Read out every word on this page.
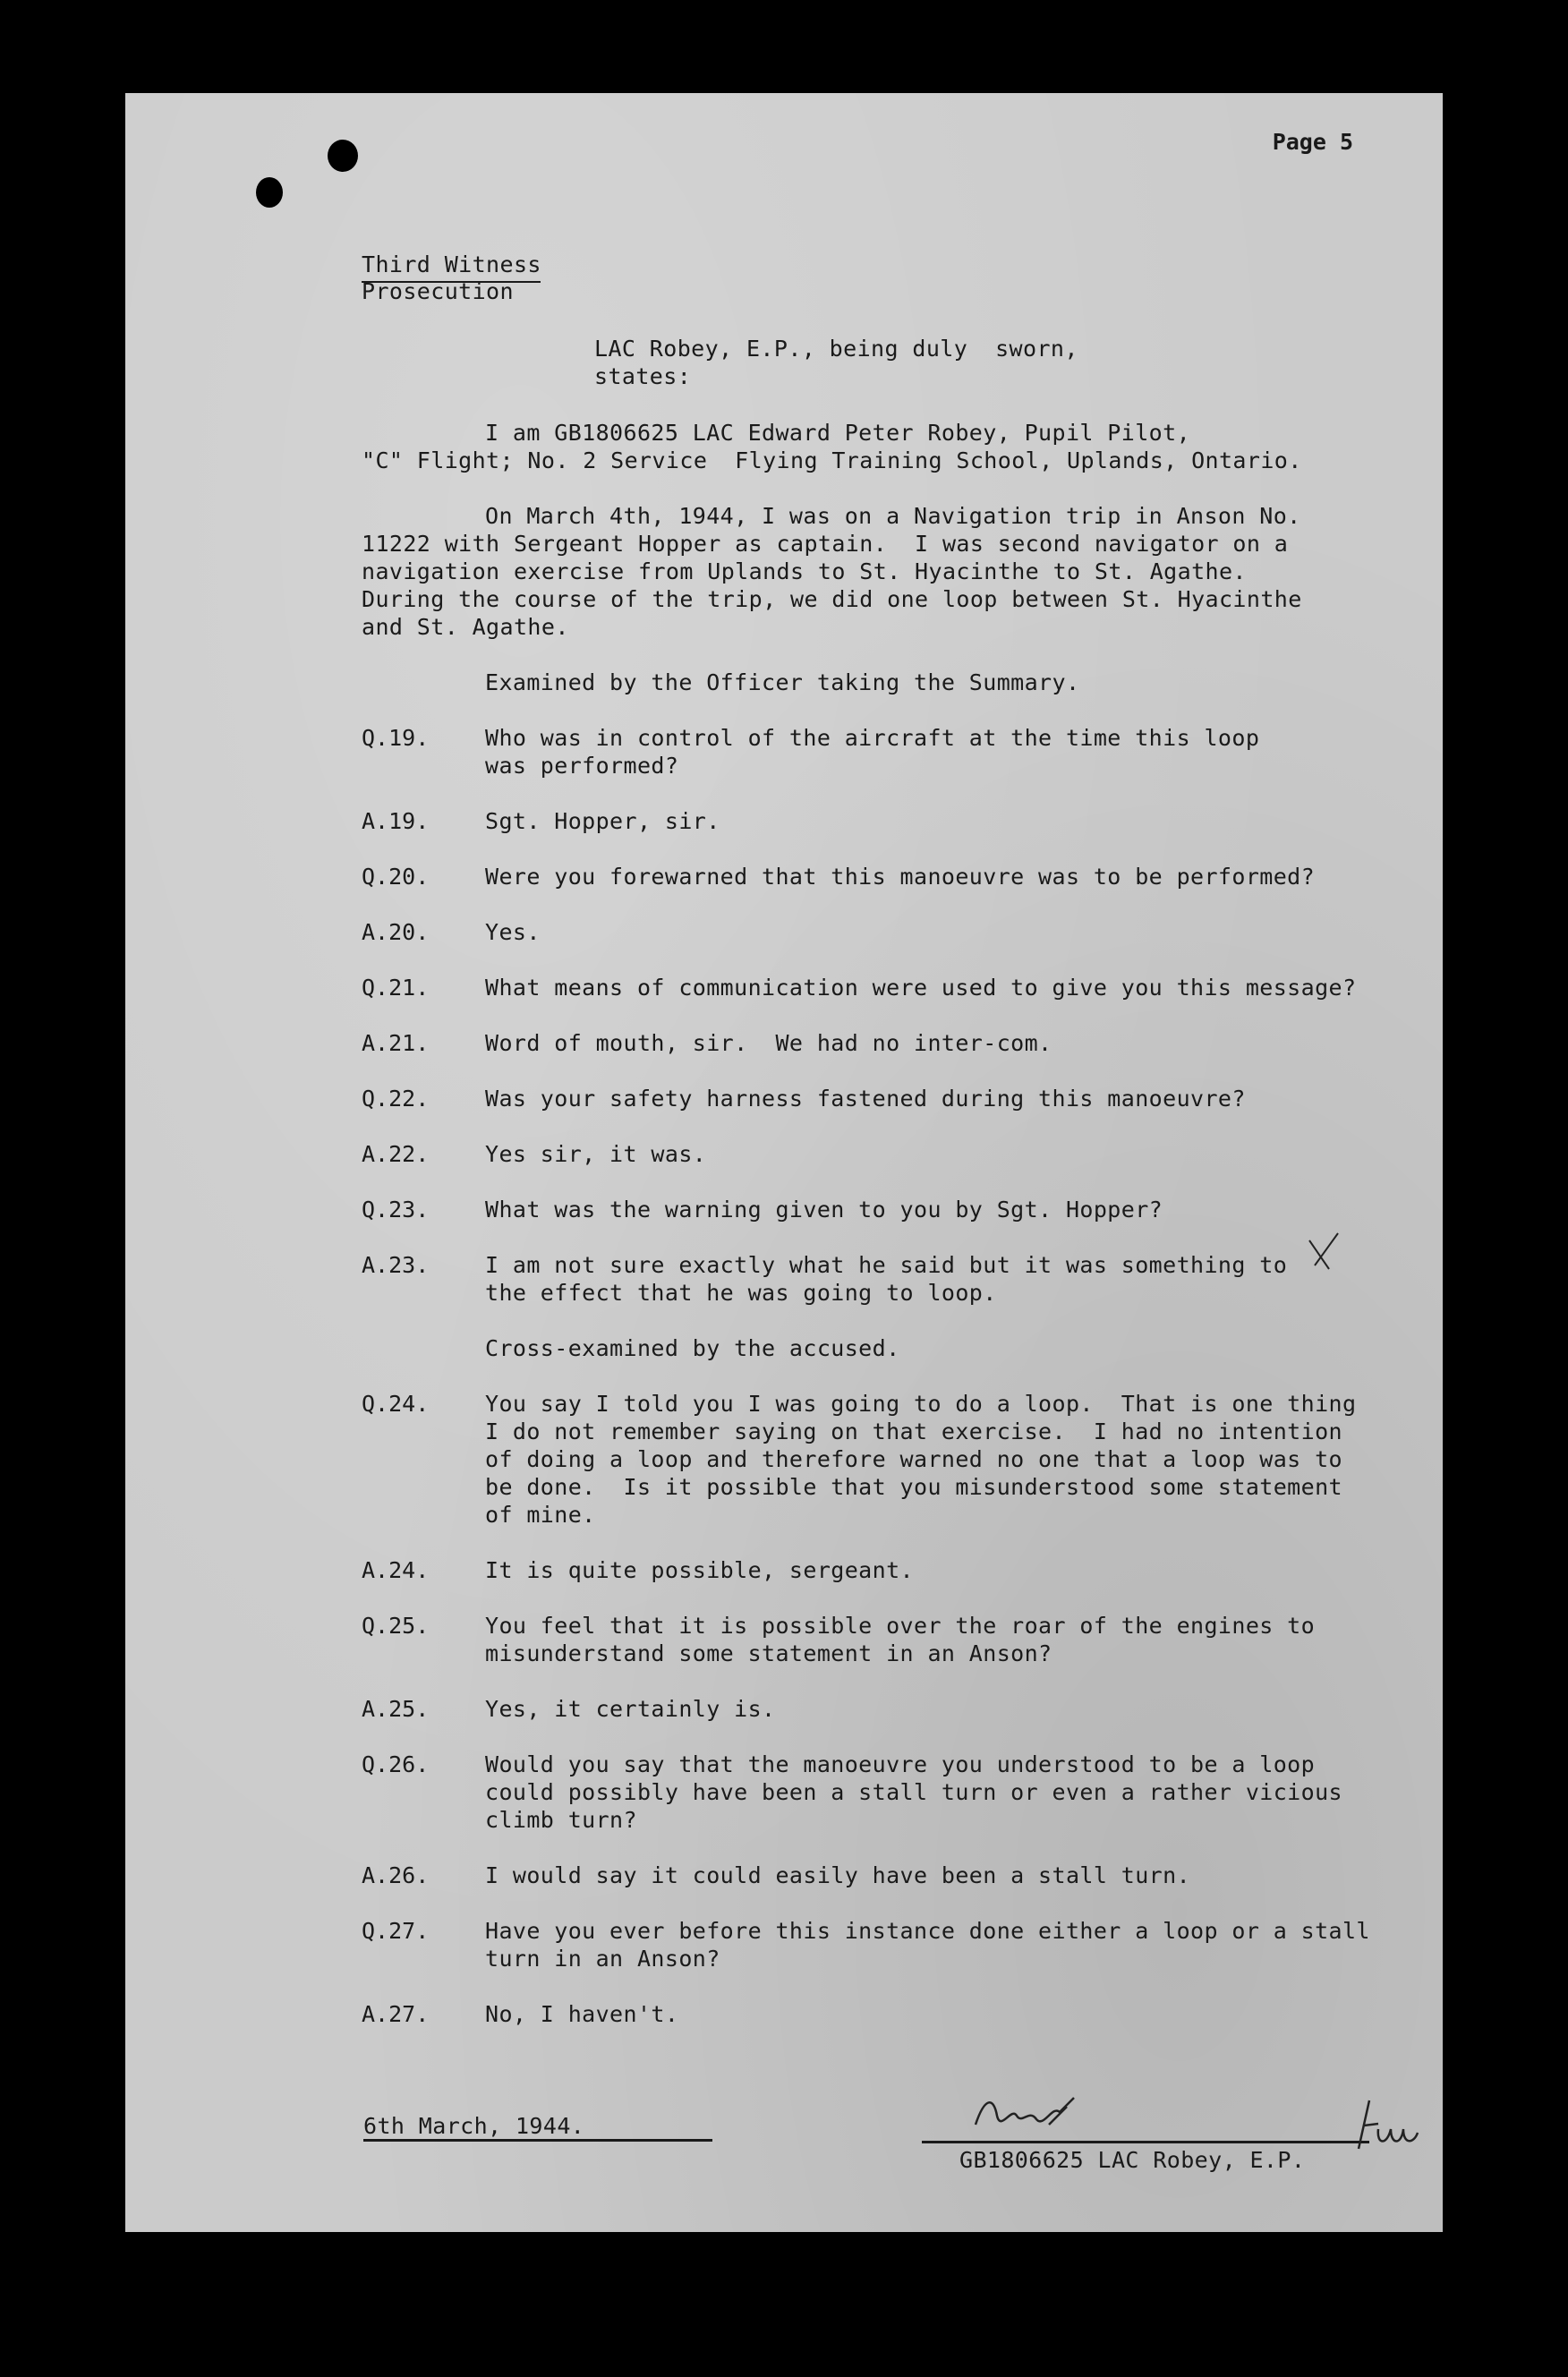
Page 5
Third Witness
Prosecution
LAC Robey, E.P., being duly  sworn,
states:
I am GB1806625 LAC Edward Peter Robey, Pupil Pilot,
"C" Flight; No. 2 Service  Flying Training School, Uplands, Ontario.
On March 4th, 1944, I was on a Navigation trip in Anson No.
11222 with Sergeant Hopper as captain.  I was second navigator on a
navigation exercise from Uplands to St. Hyacinthe to St. Agathe.
During the course of the trip, we did one loop between St. Hyacinthe
and St. Agathe.
Examined by the Officer taking the Summary.
Q.19.	Who was in control of the aircraft at the time this loop
was performed?
A.19.	Sgt. Hopper, sir.
Q.20.	Were you forewarned that this manoeuvre was to be performed?
A.20.	Yes.
Q.21.	What means of communication were used to give you this message?
A.21.	Word of mouth, sir.  We had no inter-com.
Q.22.	Was your safety harness fastened during this manoeuvre?
A.22.	Yes sir, it was.
Q.23.	What was the warning given to you by Sgt. Hopper?
A.23.	I am not sure exactly what he said but it was something to
the effect that he was going to loop.
Cross-examined by the accused.
Q.24.	You say I told you I was going to do a loop.  That is one thing
I do not remember saying on that exercise.  I had no intention
of doing a loop and therefore warned no one that a loop was to
be done.  Is it possible that you misunderstood some statement
of mine.
A.24.	It is quite possible, sergeant.
Q.25.	You feel that it is possible over the roar of the engines to
misunderstand some statement in an Anson?
A.25.	Yes, it certainly is.
Q.26.	Would you say that the manoeuvre you understood to be a loop
could possibly have been a stall turn or even a rather vicious
climb turn?
A.26.	I would say it could easily have been a stall turn.
Q.27.	Have you ever before this instance done either a loop or a stall
turn in an Anson?
A.27.	No, I haven't.
6th March, 1944.
GB1806625 LAC Robey, E.P.
